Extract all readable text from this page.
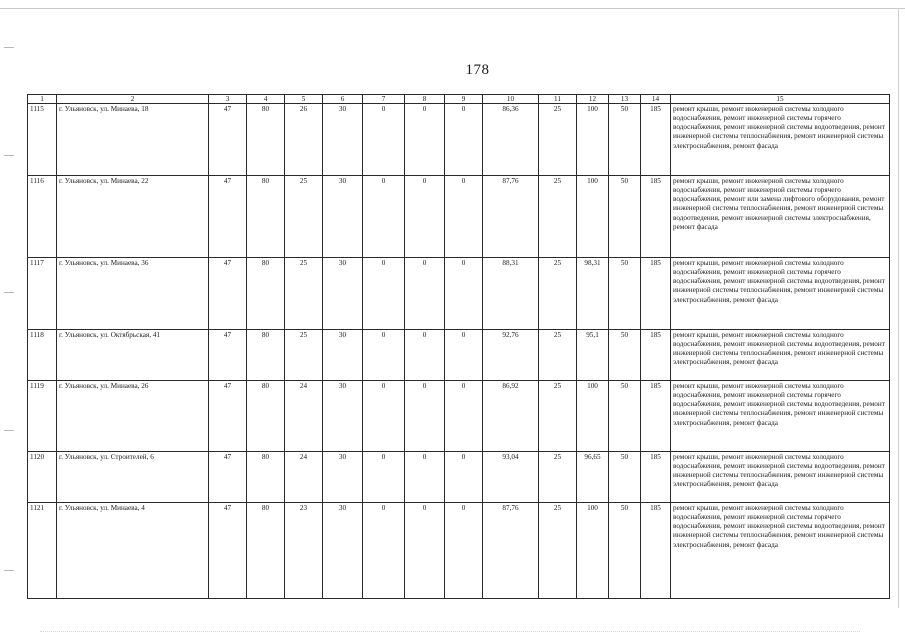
178
1	2	3	4	5	6	7	8	9	10	11	12	13	14	15
1115	г. Ульяновск, ул. Минаева, 18	47	80	26	30	0	0	0	86,36	25	100	50	185	ремонт крыши, ремонт инженерной системы холодного водоснабжения, ремонт инженерной системы горячего водоснабжения, ремонт инженерной системы водоотведения, ремонт инженерной системы теплоснабжения, ремонт инженерной системы электроснабжения, ремонт фасада
1116	г. Ульяновск, ул. Минаева, 22	47	80	25	30	0	0	0	87,76	25	100	50	185	ремонт крыши, ремонт инженерной системы холодного водоснабжения, ремонт инженерной системы горячего водоснабжения, ремонт или замена лифтового оборудования, ремонт инженерной системы теплоснабжения, ремонт инженерной системы водоотведения, ремонт инженерной системы электроснабжения, ремонт фасада
1117	г. Ульяновск, ул. Минаева, 36	47	80	25	30	0	0	0	88,31	25	98,31	50	185	ремонт крыши, ремонт инженерной системы холодного водоснабжения, ремонт инженерной системы горячего водоснабжения, ремонт инженерной системы водоотведения, ремонт инженерной системы теплоснабжения, ремонт инженерной системы электроснабжения, ремонт фасада
1118	г. Ульяновск, ул. Октябрьская, 41	47	80	25	30	0	0	0	92,76	25	95,1	50	185	ремонт крыши, ремонт инженерной системы холодного водоснабжения, ремонт инженерной системы водоотведения, ремонт инженерной системы теплоснабжения, ремонт инженерной системы электроснабжения, ремонт фасада
1119	г. Ульяновск, ул. Минаева, 26	47	80	24	30	0	0	0	86,92	25	100	50	185	ремонт крыши, ремонт инженерной системы холодного водоснабжения, ремонт инженерной системы горячего водоснабжения, ремонт инженерной системы водоотведения, ремонт инженерной системы теплоснабжения, ремонт инженерной системы электроснабжения, ремонт фасада
1120	г. Ульяновск, ул. Строителей, 6	47	80	24	30	0	0	0	93,04	25	96,65	50	185	ремонт крыши, ремонт инженерной системы холодного водоснабжения, ремонт инженерной системы водоотведения, ремонт инженерной системы теплоснабжения, ремонт инженерной системы электроснабжения, ремонт фасада
1121	г. Ульяновск, ул. Минаева, 4	47	80	23	30	0	0	0	87,76	25	100	50	185	ремонт крыши, ремонт инженерной системы холодного водоснабжения, ремонт инженерной системы горячего водоснабжения, ремонт инженерной системы водоотведения, ремонт инженерной системы теплоснабжения, ремонт инженерной системы электроснабжения, ремонт фасада
